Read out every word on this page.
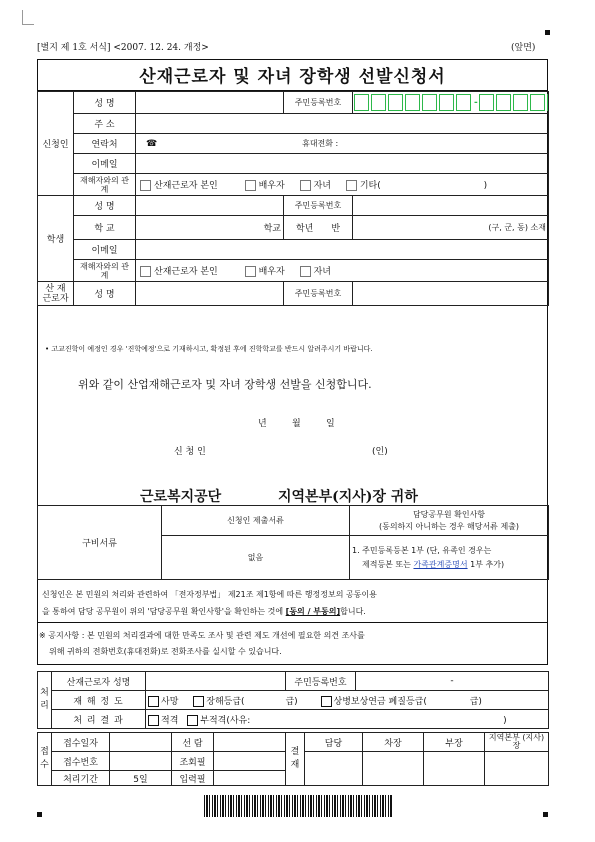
[별지 제 1호 서식] <2007. 12. 24. 개정>	(앞면)
산재근로자 및 자녀 장학생 선발신청서
신청인	성 명		주민등록번호	-
	주 소			
	연락처	☎ 휴대전화 :		
	이메일			
	재해자와의 관 계	산재근로자 본인 배우자 자녀 기타( )		
학생	성 명		주민등록번호	
	학 교	학교	학년 반	(구, 군, 동) 소재
	이메일			
	재해자와의 관 계	산재근로자 본인 배우자 자녀		
산 재 근로자	성 명		주민등록번호	
• 고교진학이 예정인 경우 '진학예정'으로 기재하시고, 확정된 후에 진학학교를 반드시 알려주시기 바랍니다.
위와 같이 산업재해근로자 및 자녀 장학생 선발을 신청합니다.
년	월	일
신 청 인	(인)
근로복지공단	지역본부(지사)장 귀하
구비서류	신청인 제출서류	담당공무원 확인사항
(동의하지 아니하는 경우 해당서류 제출)

	없음	1. 주민등록등본 1부 (단, 유족인 경우는
제적등본 또는 가족관계증명서 1부 추가)
신청인은 본 민원의 처리와 관련하여 「전자정부법」 제21조 제1항에 따른 행정정보의 공동이용
을 통하여 담당 공무원이 위의 '담당공무원 확인사항'을 확인하는 것에 [동의 / 부동의]합니다.
※ 공지사항 : 본 민원의 처리결과에 대한 만족도 조사 및 관련 제도 개선에 필요한 의견 조사를
위해 귀하의 전화번호(휴대전화)로 전화조사를 실시할 수 있습니다.
처 리	산재근로자 성명		주민등록번호	-
	재 해 정 도	사망 장해등급( 급) 상병보상연금 폐질등급( 급)		
	처 리 결 과	적격 부적격(사유: )		
접 수	접수일자		선 람		결 재	담당	차장	부장	지역본부 (지사)장
	접수번호		조회필						
	처리기간	5일	입력필						
